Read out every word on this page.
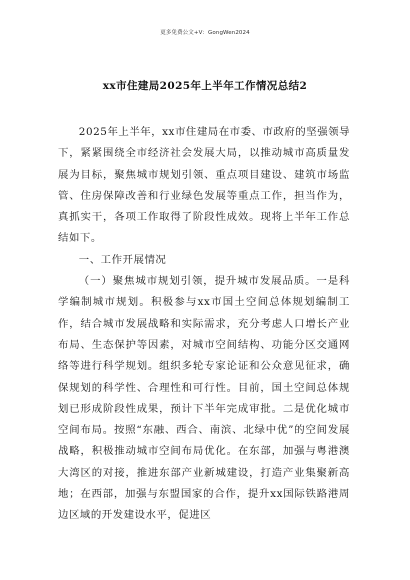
更多免费公文+V：GongWen2024
xx市住建局2025年上半年工作情况总结2

2025年上半年，xx市住建局在市委、市政府的坚强领导下，紧紧围绕全市经济社会发展大局，以推动城市高质量发展为目标，聚焦城市规划引领、重点项目建设、建筑市场监管、住房保障改善和行业绿色发展等重点工作，担当作为，真抓实干，各项工作取得了阶段性成效。现将上半年工作总结如下。

一、工作开展情况

（一）聚焦城市规划引领，提升城市发展品质。一是科学编制城市规划。积极参与xx市国土空间总体规划编制工作，结合城市发展战略和实际需求，充分考虑人口增长产业布局、生态保护等因素，对城市空间结构、功能分区交通网络等进行科学规划。组织多轮专家论证和公众意见征求，确保规划的科学性、合理性和可行性。目前，国土空间总体规划已形成阶段性成果，预计下半年完成审批。二是优化城市空间布局。按照“东融、西合、南滨、北绿中优”的空间发展战略，积极推动城市空间布局优化。在东部，加强与粤港澳大湾区的对接，推进东部产业新城建设，打造产业集聚新高地；在西部，加强与东盟国家的合作，提升xx国际铁路港周边区域的开发建设水平，促进区
